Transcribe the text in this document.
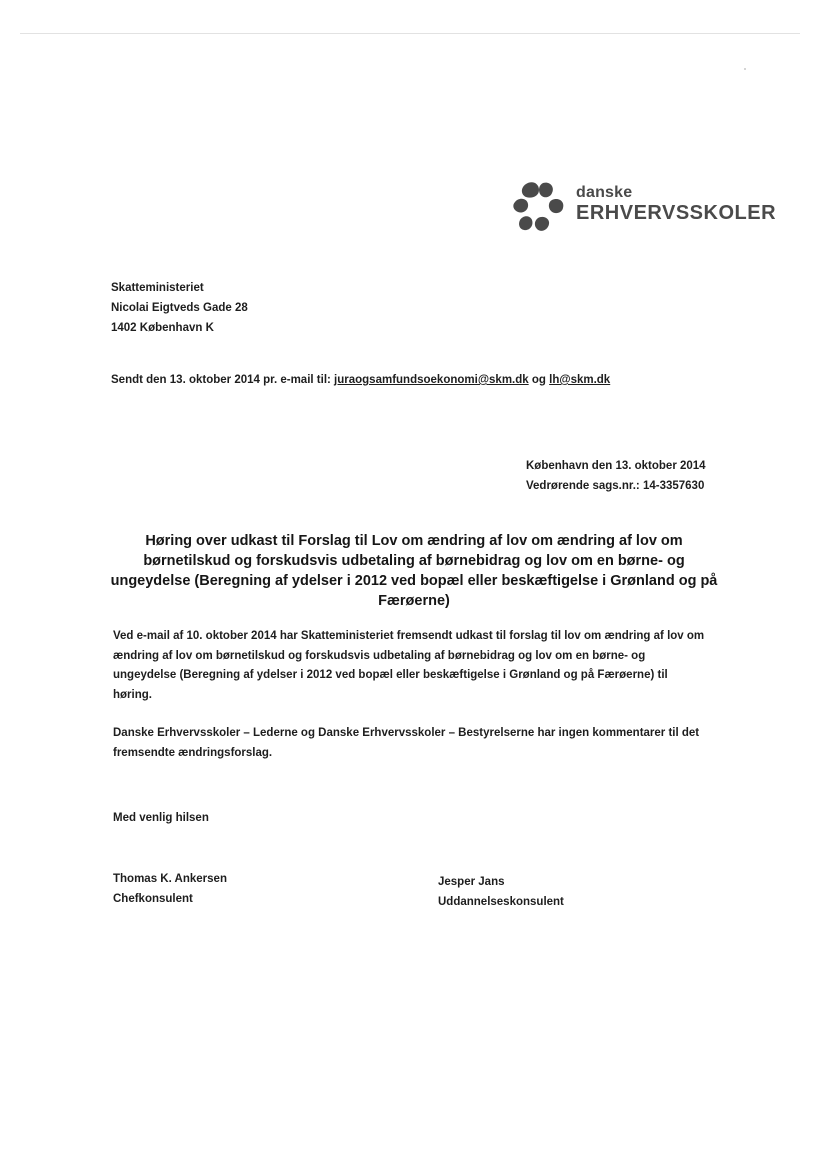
danske
ERHVERVSSKOLER
Skatteministeriet
Nicolai Eigtveds Gade 28
1402 København K
Sendt den 13. oktober 2014 pr. e-mail til: juraogsamfundsoekonomi@skm.dk og lh@skm.dk
København den 13. oktober 2014
Vedrørende sags.nr.: 14-3357630
Høring over udkast til Forslag til Lov om ændring af lov om ændring af lov om børnetilskud og forskudsvis udbetaling af børnebidrag og lov om en børne- og ungeydelse (Beregning af ydelser i 2012 ved bopæl eller beskæftigelse i Grønland og på Færøerne)
Ved e-mail af 10. oktober 2014 har Skatteministeriet fremsendt udkast til forslag til lov om ændring af lov om ændring af lov om børnetilskud og forskudsvis udbetaling af børnebidrag og lov om en børne- og ungeydelse (Beregning af ydelser i 2012 ved bopæl eller beskæftigelse i Grønland og på Færøerne) til høring.
Danske Erhvervsskoler – Lederne og Danske Erhvervsskoler – Bestyrelserne har ingen kommentarer til det fremsendte ændringsforslag.
Med venlig hilsen
Thomas K. Ankersen
Chefkonsulent
Jesper Jans
Uddannelseskonsulent
